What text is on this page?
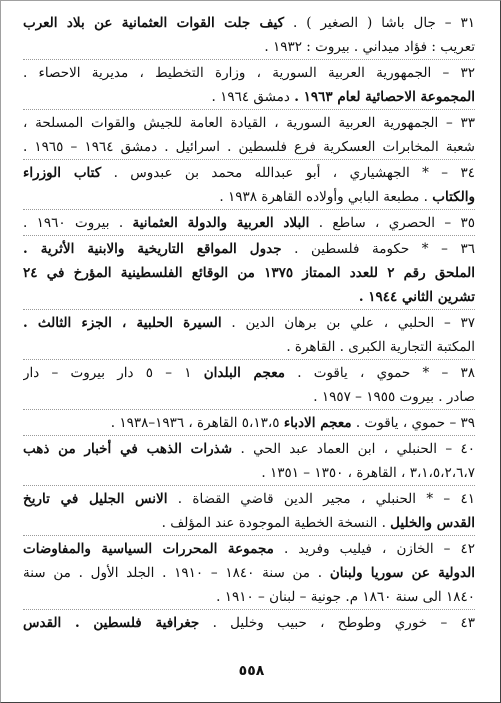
٣١ – جال باشا ( الصغير ) . كيف جلت القوات العثمانية عن بلاد العرب
تعريب : فؤاد ميداني . بيروت : ١٩٣٢ .
٣٢ – الجمهورية العربية السورية ، وزارة التخطيط ، مديرية الاحصاء .
المجموعة الاحصائية لعام ١٩٦٣ . دمشق ١٩٦٤ .
٣٣ – الجمهورية العربية السورية ، القيادة العامة للجيش والقوات المسلحة ،
شعبة المخابرات العسكرية فرع فلسطين . اسرائيل . دمشق ١٩٦٤ – ١٩٦٥ .
٣٤ – * الجهشياري ، أبو عبدالله محمد بن عبدوس . كتاب الوزراء
والكتاب . مطبعة البابي وأولاده القاهرة ١٩٣٨ .
٣٥ – الحصري ، ساطع . البلاد العربية والدولة العثمانية . بيروت ١٩٦٠ .
٣٦ – * حكومة فلسطين . جدول المواقع التاريخية والابنية الأثرية .
الملحق رقم ٢ للعدد الممتاز ١٣٧٥ من الوقائع الفلسطينية المؤرخ في ٢٤
تشرين الثاني ١٩٤٤ .
٣٧ – الحلبي ، علي بن برهان الدين . السيرة الحلبية ، الجزء الثالث .
المكتبة التجارية الكبرى . القاهرة .
٣٨ – * حموي ، ياقوت . معجم البلدان ١ – ٥ دار بيروت – دار
صادر . بيروت ١٩٥٥ – ١٩٥٧ .
٣٩ – حموي ، ياقوت . معجم الادباء ٥،١٣،٥ القاهرة ، ١٩٣٦–١٩٣٨ .
٤٠ – الحنبلي ، ابن العماد عبد الحي . شذرات الذهب في أخبار من ذهب
٣،١،٥،٢،٦،٧ ، القاهرة ، ١٣٥٠ – ١٣٥١ .
٤١ – * الحنبلي ، مجير الدين قاضي القضاة . الانس الجليل في تاريخ
القدس والخليل . النسخة الخطية الموجودة عند المؤلف .
٤٢ – الخازن ، فيليب وفريد . مجموعة المحررات السياسية والمفاوضات
الدولية عن سوريا ولبنان . من سنة ١٨٤٠ – ١٩١٠ . الجلد الأول . من سنة
١٨٤٠ الى سنة ١٨٦٠ م. جونية – لبنان – ١٩١٠ .
٤٣ – خوري وطوطح ، حبيب وخليل . جغرافية فلسطين . القدس
٥٥٨
